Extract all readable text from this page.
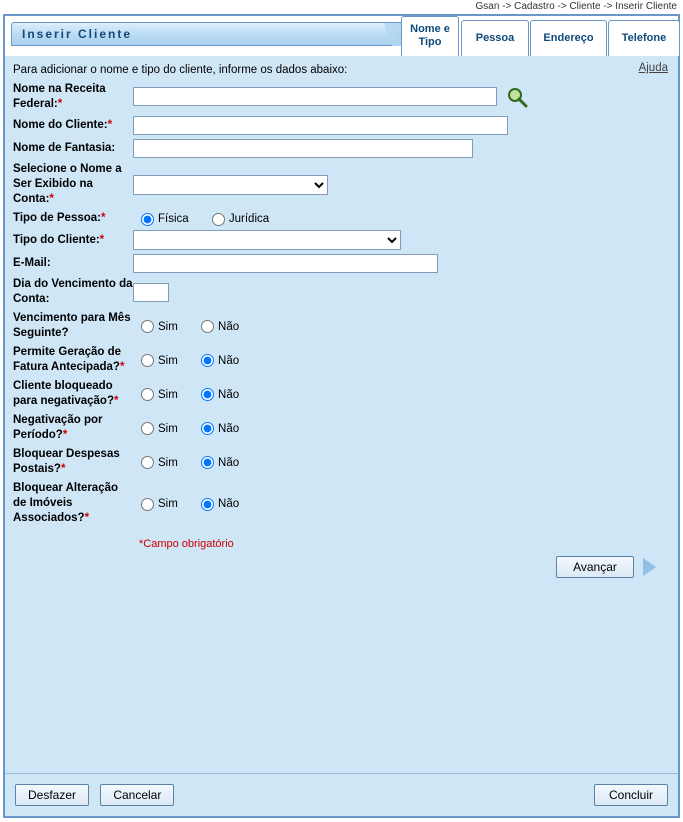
Gsan -> Cadastro -> Cliente -> Inserir Cliente
Inserir Cliente	Nome e Tipo	Pessoa	Endereço	Telefone
Para adicionar o nome e tipo do cliente, informe os dados abaixo:	Ajuda
Nome na Receita Federal:*	
Nome do Cliente:*	
Nome de Fantasia:	
Selecione o Nome a Ser Exibido na Conta:*	

Tipo de Pessoa:*	Física Jurídica
Tipo do Cliente:*	

E-Mail:	
Dia do Vencimento da Conta:	
Vencimento para Mês Seguinte?	Sim Não
Permite Geração de Fatura Antecipada?*	Sim Não
Cliente bloqueado para negativação?*	Sim Não
Negativação por Período?*	Sim Não
Bloquear Despesas Postais?*	Sim Não
Bloquear Alteração de Imóveis Associados?*	Sim Não
*Campo obrigatório
Avançar
Desfazer	Cancelar	Concluir
